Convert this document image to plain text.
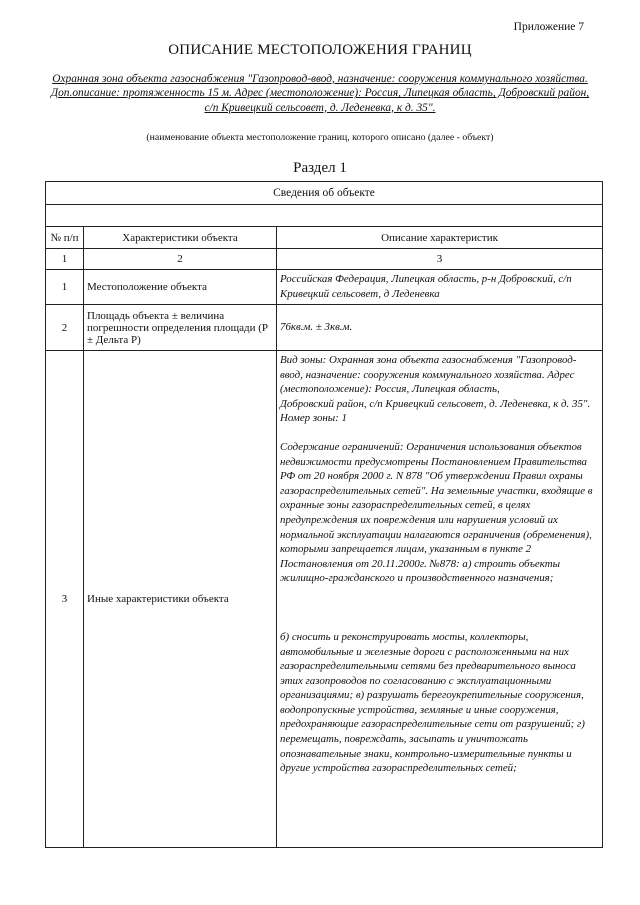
Приложение 7
ОПИСАНИЕ МЕСТОПОЛОЖЕНИЯ ГРАНИЦ
Охранная зона объекта газоснабжения "Газопровод-ввод, назначение: сооружения коммунального хозяйства. Доп.описание: протяженность 15 м. Адрес (местоположение): Россия, Липецкая область, Добровский район, с/п Кривецкий сельсовет, д. Леденевка, к д. 35".
(наименование объекта местоположение границ, которого описано (далее - объект)
Раздел 1
Сведения об объекте		

№ п/п	Характеристики объекта	Описание характеристик
1	2	3
1	Местоположение объекта	Российская Федерация, Липецкая область, р-н Добровский, с/п Кривецкий сельсовет, д Леденевка
2	Площадь объекта ± величина погрешности определения площади (Р ± Дельта Р)	76кв.м. ± 3кв.м.
3	Иные характеристики объекта	Вид зоны: Охранная зона объекта газоснабжения "Газопровод-ввод, назначение: сооружения коммунального хозяйства. Адрес (местоположение): Россия, Липецкая область,

Добровский район, с/п Кривецкий сельсовет, д. Леденевка, к д. 35".

Номер зоны: 1

Содержание ограничений: Ограничения использования объектов недвижимости предусмотрены Постановлением Правительства РФ от 20 ноября 2000 г. N 878 "Об утверждении Правил охраны газораспределительных сетей". На земельные участки, входящие в охранные зоны газораспределительных сетей, в целях предупреждения их повреждения или нарушения условий их нормальной эксплуатации налагаются ограничения (обременения), которыми запрещается лицам, указанным в пункте 2 Постановления от 20.11.2000г. №878: а) строить объекты жилищно-гражданского и производственного назначения;

б) сносить и реконструировать мосты, коллекторы, автомобильные и железные дороги с расположенными на них газораспределительными сетями без предварительного выноса этих газопроводов по согласованию с эксплуатационными организациями; в) разрушать берегоукрепительные сооружения, водопропускные устройства, земляные и иные сооружения, предохраняющие газораспределительные сети от разрушений; г) перемещать, повреждать, засыпать и уничтожать опознавательные знаки, контрольно-измерительные пункты и другие устройства газораспределительных сетей;
